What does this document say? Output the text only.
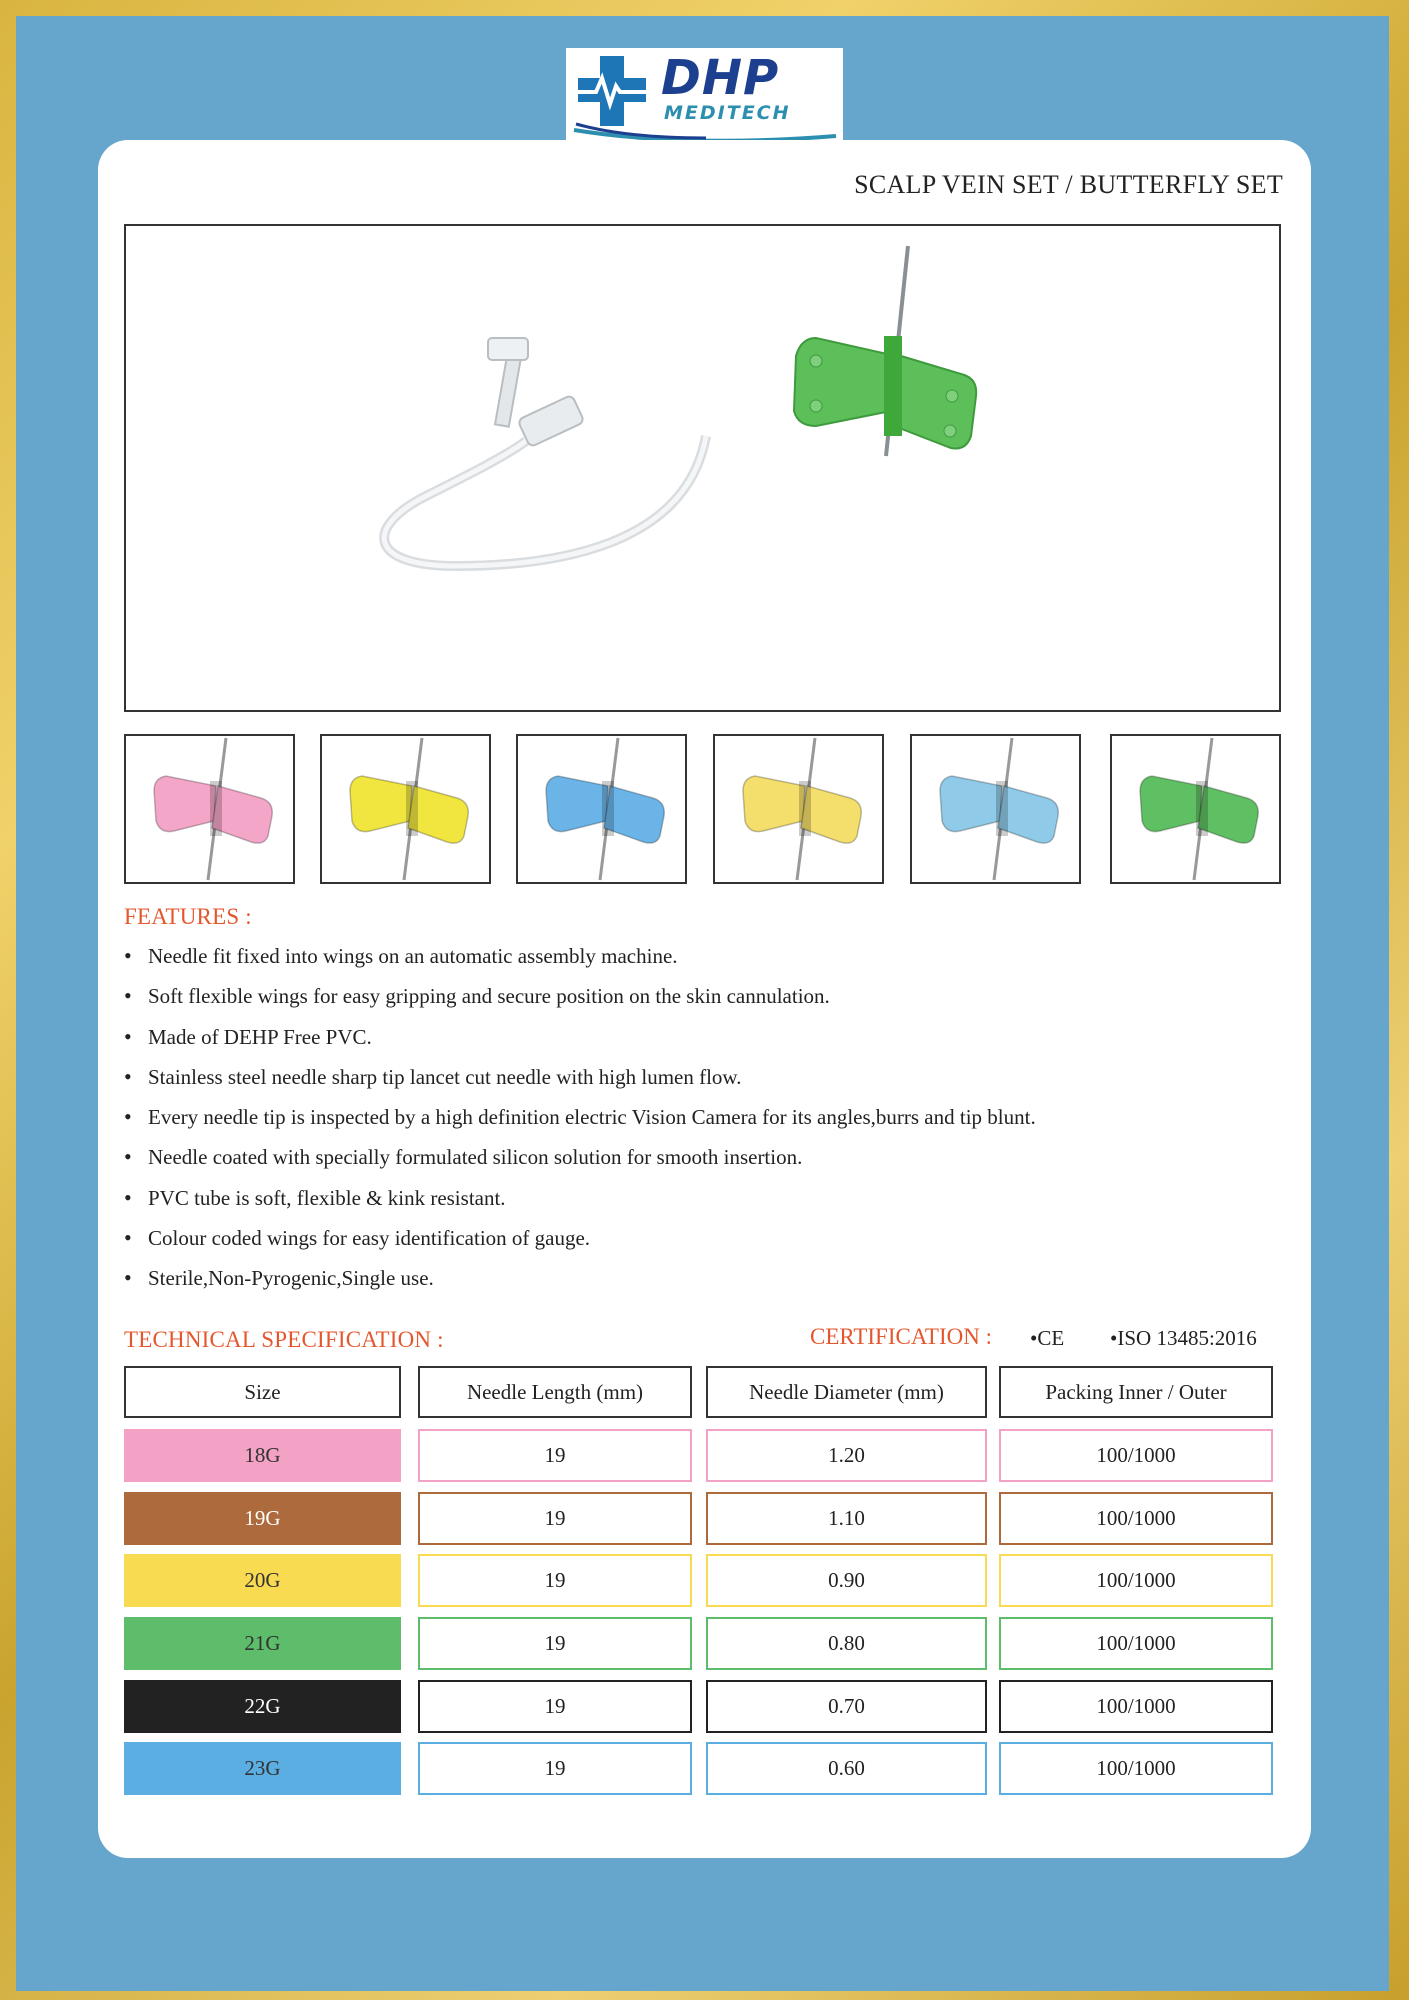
DHP
MEDITECH
SCALP VEIN SET / BUTTERFLY SET
FEATURES :
• Needle fit fixed into wings on an automatic assembly machine.
• Soft flexible wings for easy gripping and secure position on the skin cannulation.
• Made of DEHP Free PVC.
• Stainless steel needle sharp tip lancet cut needle with high lumen flow.
• Every needle tip is inspected by a high definition electric Vision Camera for its angles,burrs and tip blunt.
• Needle coated with specially formulated silicon solution for smooth insertion.
• PVC tube is soft, flexible & kink resistant.
• Colour coded wings for easy identification of gauge.
• Sterile,Non-Pyrogenic,Single use.
TECHNICAL SPECIFICATION :	CERTIFICATION : •CE •ISO 13485:2016
Size	Needle Length (mm)	Needle Diameter (mm)	Packing Inner / Outer
18G	19	1.20	100/1000
19G	19	1.10	100/1000
20G	19	0.90	100/1000
21G	19	0.80	100/1000
22G	19	0.70	100/1000
23G	19	0.60	100/1000
